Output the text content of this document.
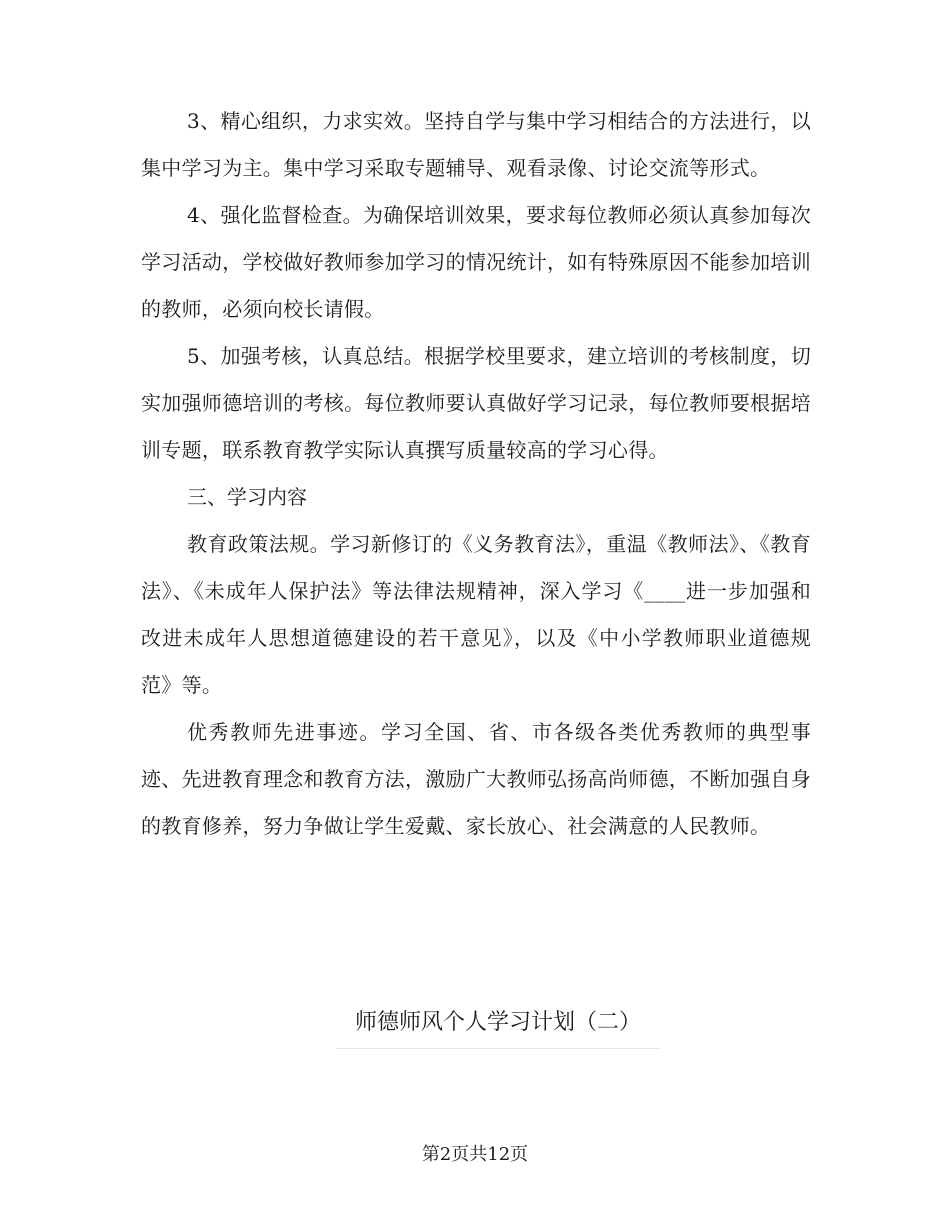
3、精心组织，力求实效。坚持自学与集中学习相结合的方法进行，以集中学习为主。集中学习采取专题辅导、观看录像、讨论交流等形式。

4、强化监督检查。为确保培训效果，要求每位教师必须认真参加每次学习活动，学校做好教师参加学习的情况统计，如有特殊原因不能参加培训的教师，必须向校长请假。

5、加强考核，认真总结。根据学校里要求，建立培训的考核制度，切实加强师德培训的考核。每位教师要认真做好学习记录，每位教师要根据培训专题，联系教育教学实际认真撰写质量较高的学习心得。

三、学习内容

教育政策法规。学习新修订的《义务教育法》，重温《教师法》、《教育法》、《未成年人保护法》等法律法规精神，深入学习《____进一步加强和改进未成年人思想道德建设的若干意见》，以及《中小学教师职业道德规范》等。

优秀教师先进事迹。学习全国、省、市各级各类优秀教师的典型事迹、先进教育理念和教育方法，激励广大教师弘扬高尚师德，不断加强自身的教育修养，努力争做让学生爱戴、家长放心、社会满意的人民教师。

师德师风个人学习计划（二）
第2页共12页
